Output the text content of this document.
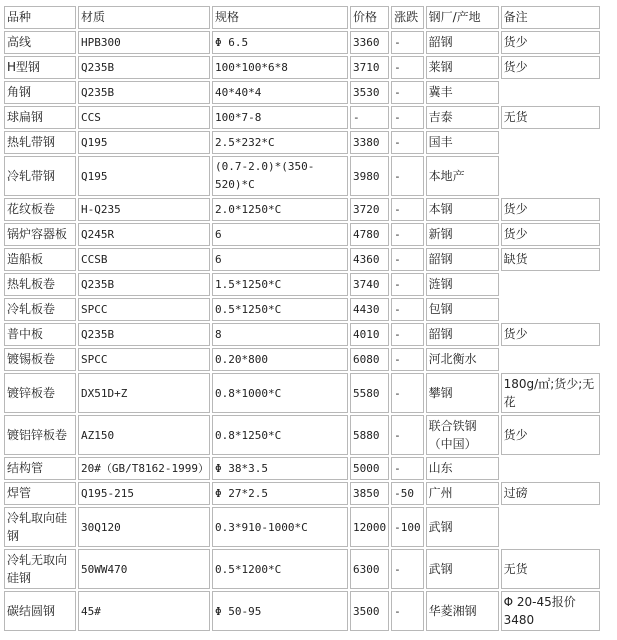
品种	材质	规格	价格	涨跌	钢厂/产地	备注
高线	HPB300	Φ 6.5	3360	-	韶钢	货少
H型钢	Q235B	100*100*6*8	3710	-	莱钢	货少
角钢	Q235B	40*40*4	3530	-	冀丰	
球扁钢	CCS	100*7-8	-	-	吉泰	无货
热轧带钢	Q195	2.5*232*C	3380	-	国丰	
冷轧带钢	Q195	(0.7-2.0)*(350-520)*C	3980	-	本地产	
花纹板卷	H-Q235	2.0*1250*C	3720	-	本钢	货少
锅炉容器板	Q245R	6	4780	-	新钢	货少
造船板	CCSB	6	4360	-	韶钢	缺货
热轧板卷	Q235B	1.5*1250*C	3740	-	涟钢	
冷轧板卷	SPCC	0.5*1250*C	4430	-	包钢	
普中板	Q235B	8	4010	-	韶钢	货少
镀锡板卷	SPCC	0.20*800	6080	-	河北衡水	
镀锌板卷	DX51D+Z	0.8*1000*C	5580	-	攀钢	180g/㎡;货少;无花
镀铝锌板卷	AZ150	0.8*1250*C	5880	-	联合铁钢（中国）	货少
结构管	20#（GB/T8162-1999）	Φ 38*3.5	5000	-	山东	
焊管	Q195-215	Φ 27*2.5	3850	-50	广州	过磅
冷轧取向硅钢	30Q120	0.3*910-1000*C	12000	-100	武钢	
冷轧无取向硅钢	50WW470	0.5*1200*C	6300	-	武钢	无货
碳结圆钢	45#	Φ 50-95	3500	-	华菱湘钢	Φ 20-45报价3480
